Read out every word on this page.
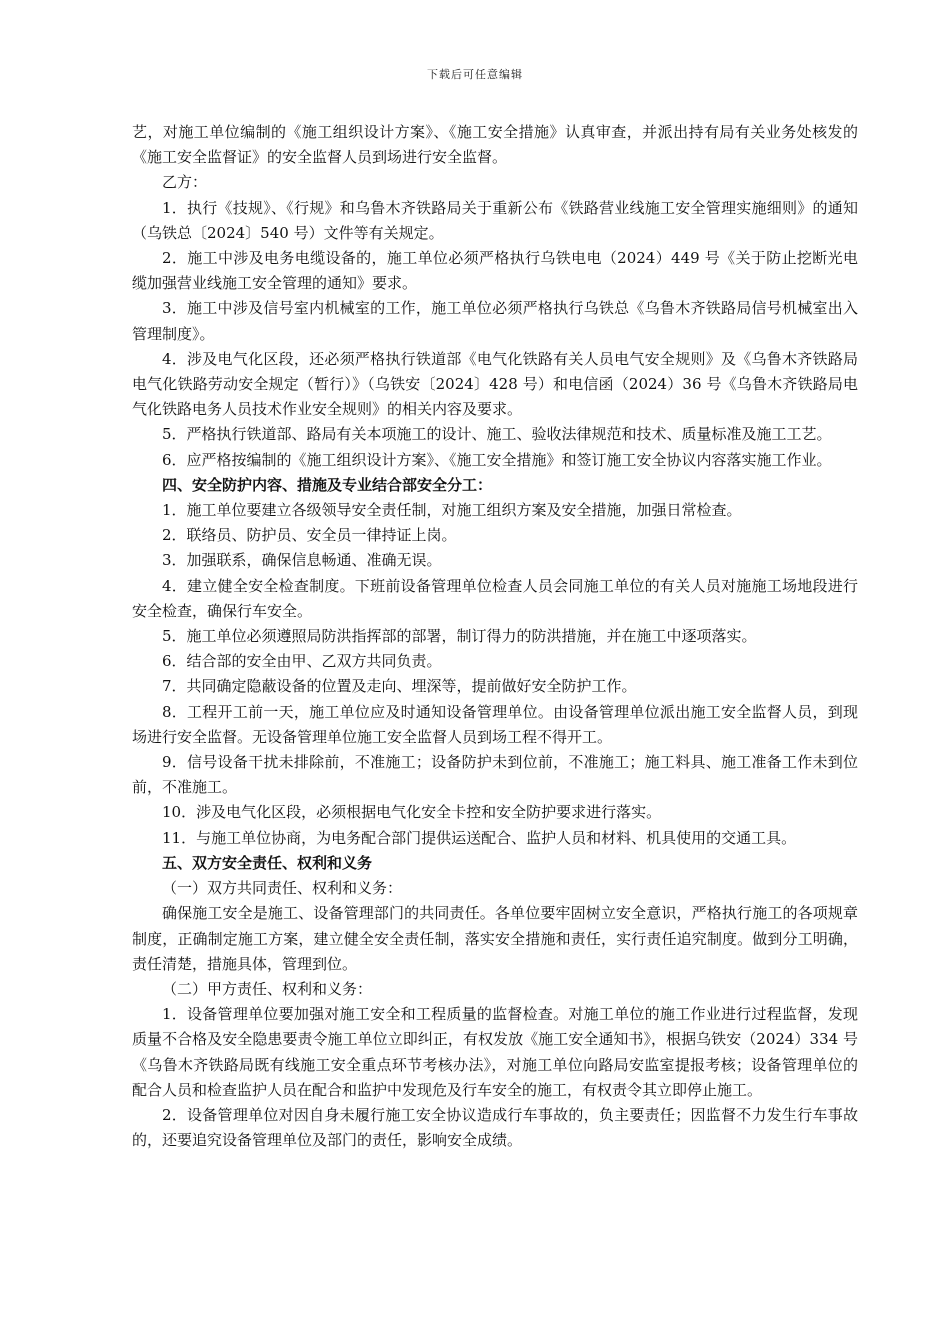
下载后可任意编辑

艺，对施工单位编制的《施工组织设计方案》、《施工安全措施》认真审查，并派出持有局有关业务处核发的《施工安全监督证》的安全监督人员到场进行安全监督。

乙方：

1．执行《技规》、《行规》和乌鲁木齐铁路局关于重新公布《铁路营业线施工安全管理实施细则》的通知（乌铁总〔2024〕540 号）文件等有关规定。

2．施工中涉及电务电缆设备的，施工单位必须严格执行乌铁电电（2024）449 号《关于防止挖断光电缆加强营业线施工安全管理的通知》要求。

3．施工中涉及信号室内机械室的工作，施工单位必须严格执行乌铁总《乌鲁木齐铁路局信号机械室出入管理制度》。

4．涉及电气化区段，还必须严格执行铁道部《电气化铁路有关人员电气安全规则》及《乌鲁木齐铁路局电气化铁路劳动安全规定（暂行）》（乌铁安〔2024〕428 号）和电信函（2024）36 号《乌鲁木齐铁路局电气化铁路电务人员技术作业安全规则》的相关内容及要求。

5．严格执行铁道部、路局有关本项施工的设计、施工、验收法律规范和技术、质量标准及施工工艺。

6．应严格按编制的《施工组织设计方案》、《施工安全措施》和签订施工安全协议内容落实施工作业。

四、安全防护内容、措施及专业结合部安全分工：

1．施工单位要建立各级领导安全责任制，对施工组织方案及安全措施，加强日常检查。

2．联络员、防护员、安全员一律持证上岗。

3．加强联系，确保信息畅通、准确无误。

4．建立健全安全检查制度。下班前设备管理单位检查人员会同施工单位的有关人员对施施工场地段进行安全检查，确保行车安全。

5．施工单位必须遵照局防洪指挥部的部署，制订得力的防洪措施，并在施工中逐项落实。

6．结合部的安全由甲、乙双方共同负责。

7．共同确定隐蔽设备的位置及走向、埋深等，提前做好安全防护工作。

8．工程开工前一天，施工单位应及时通知设备管理单位。由设备管理单位派出施工安全监督人员，到现场进行安全监督。无设备管理单位施工安全监督人员到场工程不得开工。

9．信号设备干扰未排除前，不准施工；设备防护未到位前，不准施工；施工料具、施工准备工作未到位前，不准施工。

10．涉及电气化区段，必须根据电气化安全卡控和安全防护要求进行落实。

11．与施工单位协商，为电务配合部门提供运送配合、监护人员和材料、机具使用的交通工具。

五、双方安全责任、权利和义务

（一）双方共同责任、权利和义务：

确保施工安全是施工、设备管理部门的共同责任。各单位要牢固树立安全意识，严格执行施工的各项规章制度，正确制定施工方案，建立健全安全责任制，落实安全措施和责任，实行责任追究制度。做到分工明确，责任清楚，措施具体，管理到位。

（二）甲方责任、权利和义务：

1．设备管理单位要加强对施工安全和工程质量的监督检查。对施工单位的施工作业进行过程监督，发现质量不合格及安全隐患要责令施工单位立即纠正，有权发放《施工安全通知书》，根据乌铁安（2024）334 号《乌鲁木齐铁路局既有线施工安全重点环节考核办法》，对施工单位向路局安监室提报考核；设备管理单位的配合人员和检查监护人员在配合和监护中发现危及行车安全的施工，有权责令其立即停止施工。

2．设备管理单位对因自身未履行施工安全协议造成行车事故的，负主要责任；因监督不力发生行车事故的，还要追究设备管理单位及部门的责任，影响安全成绩。
